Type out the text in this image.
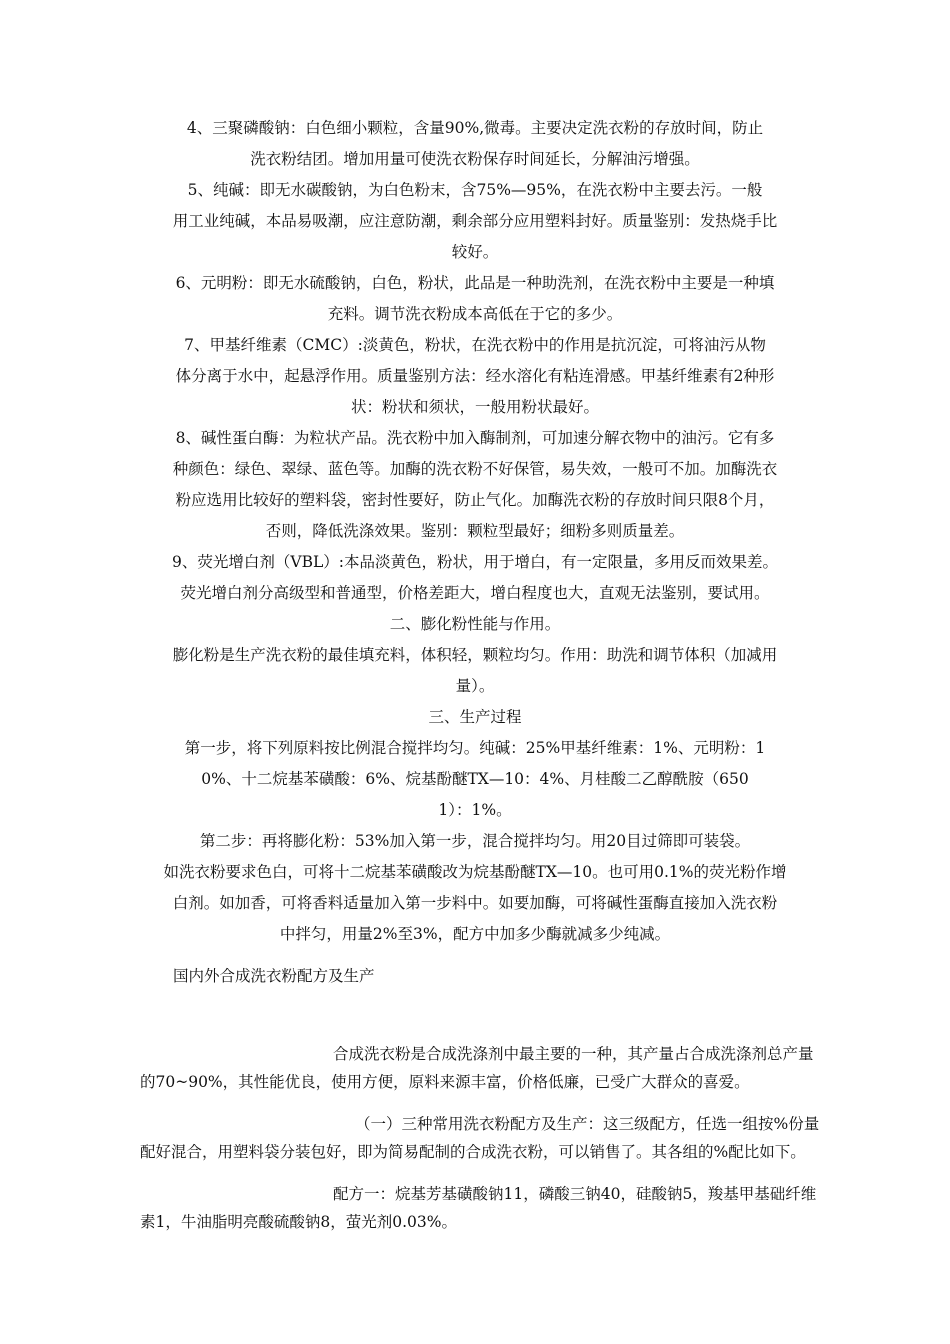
4、三聚磷酸钠：白色细小颗粒，含量90%,微毒。主要决定洗衣粉的存放时间，防止
洗衣粉结团。增加用量可使洗衣粉保存时间延长，分解油污增强。
5、纯碱：即无水碳酸钠，为白色粉末，含75%—95%，在洗衣粉中主要去污。一般
用工业纯碱，本品易吸潮，应注意防潮，剩余部分应用塑料封好。质量鉴别：发热烧手比
较好。
6、元明粉：即无水硫酸钠，白色，粉状，此品是一种助洗剂，在洗衣粉中主要是一种填
充料。调节洗衣粉成本高低在于它的多少。
7、甲基纤维素（CMC）:淡黄色，粉状，在洗衣粉中的作用是抗沉淀，可将油污从物
体分离于水中，起悬浮作用。质量鉴别方法：经水溶化有粘连滑感。甲基纤维素有2种形
状：粉状和须状，一般用粉状最好。
8、碱性蛋白酶：为粒状产品。洗衣粉中加入酶制剂，可加速分解衣物中的油污。它有多
种颜色：绿色、翠绿、蓝色等。加酶的洗衣粉不好保管，易失效，一般可不加。加酶洗衣
粉应选用比较好的塑料袋，密封性要好，防止气化。加酶洗衣粉的存放时间只限8个月，
否则，降低洗涤效果。鉴别：颗粒型最好；细粉多则质量差。
9、荧光增白剂（VBL）:本品淡黄色，粉状，用于增白，有一定限量，多用反而效果差。
荧光增白剂分高级型和普通型，价格差距大，增白程度也大，直观无法鉴别，要试用。
二、膨化粉性能与作用。
膨化粉是生产洗衣粉的最佳填充料，体积轻，颗粒均匀。作用：助洗和调节体积（加减用
量）。
三、生产过程
第一步，将下列原料按比例混合搅拌均匀。纯碱：25%甲基纤维素：1%、元明粉：1
0%、十二烷基苯磺酸：6%、烷基酚醚TX—10：4%、月桂酸二乙醇酰胺（650
1）：1%。
第二步：再将膨化粉：53%加入第一步，混合搅拌均匀。用20目过筛即可装袋。
如洗衣粉要求色白，可将十二烷基苯磺酸改为烷基酚醚TX—10。也可用0.1%的荧光粉作增
白剂。如加香，可将香料适量加入第一步料中。如要加酶，可将碱性蛋酶直接加入洗衣粉
中拌匀，用量2%至3%，配方中加多少酶就减多少纯减。
国内外合成洗衣粉配方及生产
合成洗衣粉是合成洗涤剂中最主要的一种，其产量占合成洗涤剂总产量的70~90%，其性能优良，使用方便，原料来源丰富，价格低廉，已受广大群众的喜爱。
（一）三种常用洗衣粉配方及生产：这三级配方，任选一组按%份量配好混合，用塑料袋分装包好，即为简易配制的合成洗衣粉，可以销售了。其各组的%配比如下。
配方一：烷基芳基磺酸钠11，磷酸三钠40，硅酸钠5，羧基甲基础纤维素1，牛油脂明亮酸硫酸钠8，萤光剂0.03%。
